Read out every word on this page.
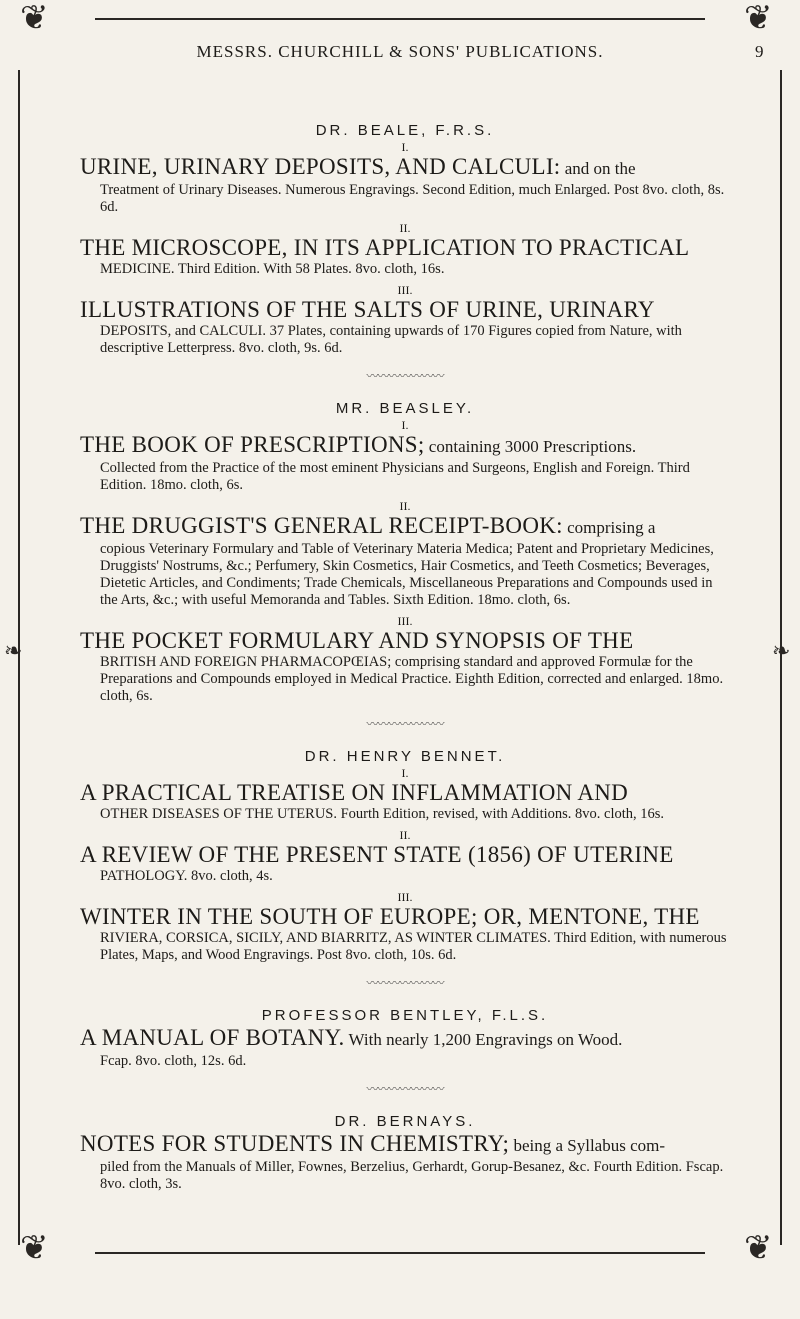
❦	❦
❦	❦
❧	❧
MESSRS. CHURCHILL & SONS' PUBLICATIONS.	9
DR. BEALE, F.R.S.
I.
URINE, URINARY DEPOSITS, AND CALCULI: and on the
Treatment of Urinary Diseases. Numerous Engravings. Second Edition, much Enlarged. Post 8vo. cloth, 8s. 6d.
II.
THE MICROSCOPE, IN ITS APPLICATION TO PRACTICAL
MEDICINE. Third Edition. With 58 Plates. 8vo. cloth, 16s.
III.
ILLUSTRATIONS OF THE SALTS OF URINE, URINARY
DEPOSITS, and CALCULI. 37 Plates, containing upwards of 170 Figures copied from Nature, with descriptive Letterpress. 8vo. cloth, 9s. 6d.
〰〰〰〰〰〰〰
MR. BEASLEY.
I.
THE BOOK OF PRESCRIPTIONS; containing 3000 Prescriptions.
Collected from the Practice of the most eminent Physicians and Surgeons, English and Foreign. Third Edition. 18mo. cloth, 6s.
II.
THE DRUGGIST'S GENERAL RECEIPT-BOOK: comprising a
copious Veterinary Formulary and Table of Veterinary Materia Medica; Patent and Proprietary Medicines, Druggists' Nostrums, &c.; Perfumery, Skin Cosmetics, Hair Cosmetics, and Teeth Cosmetics; Beverages, Dietetic Articles, and Condiments; Trade Chemicals, Miscellaneous Preparations and Compounds used in the Arts, &c.; with useful Memoranda and Tables. Sixth Edition. 18mo. cloth, 6s.
III.
THE POCKET FORMULARY AND SYNOPSIS OF THE
BRITISH AND FOREIGN PHARMACOPŒIAS; comprising standard and approved Formulæ for the Preparations and Compounds employed in Medical Practice. Eighth Edition, corrected and enlarged. 18mo. cloth, 6s.
〰〰〰〰〰〰〰
DR. HENRY BENNET.
I.
A PRACTICAL TREATISE ON INFLAMMATION AND
OTHER DISEASES OF THE UTERUS. Fourth Edition, revised, with Additions. 8vo. cloth, 16s.
II.
A REVIEW OF THE PRESENT STATE (1856) OF UTERINE
PATHOLOGY. 8vo. cloth, 4s.
III.
WINTER IN THE SOUTH OF EUROPE; OR, MENTONE, THE
RIVIERA, CORSICA, SICILY, AND BIARRITZ, AS WINTER CLIMATES. Third Edition, with numerous Plates, Maps, and Wood Engravings. Post 8vo. cloth, 10s. 6d.
〰〰〰〰〰〰〰
PROFESSOR BENTLEY, F.L.S.
A MANUAL OF BOTANY. With nearly 1,200 Engravings on Wood.
Fcap. 8vo. cloth, 12s. 6d.
〰〰〰〰〰〰〰
DR. BERNAYS.
NOTES FOR STUDENTS IN CHEMISTRY; being a Syllabus com-
piled from the Manuals of Miller, Fownes, Berzelius, Gerhardt, Gorup-Besanez, &c. Fourth Edition. Fscap. 8vo. cloth, 3s.
